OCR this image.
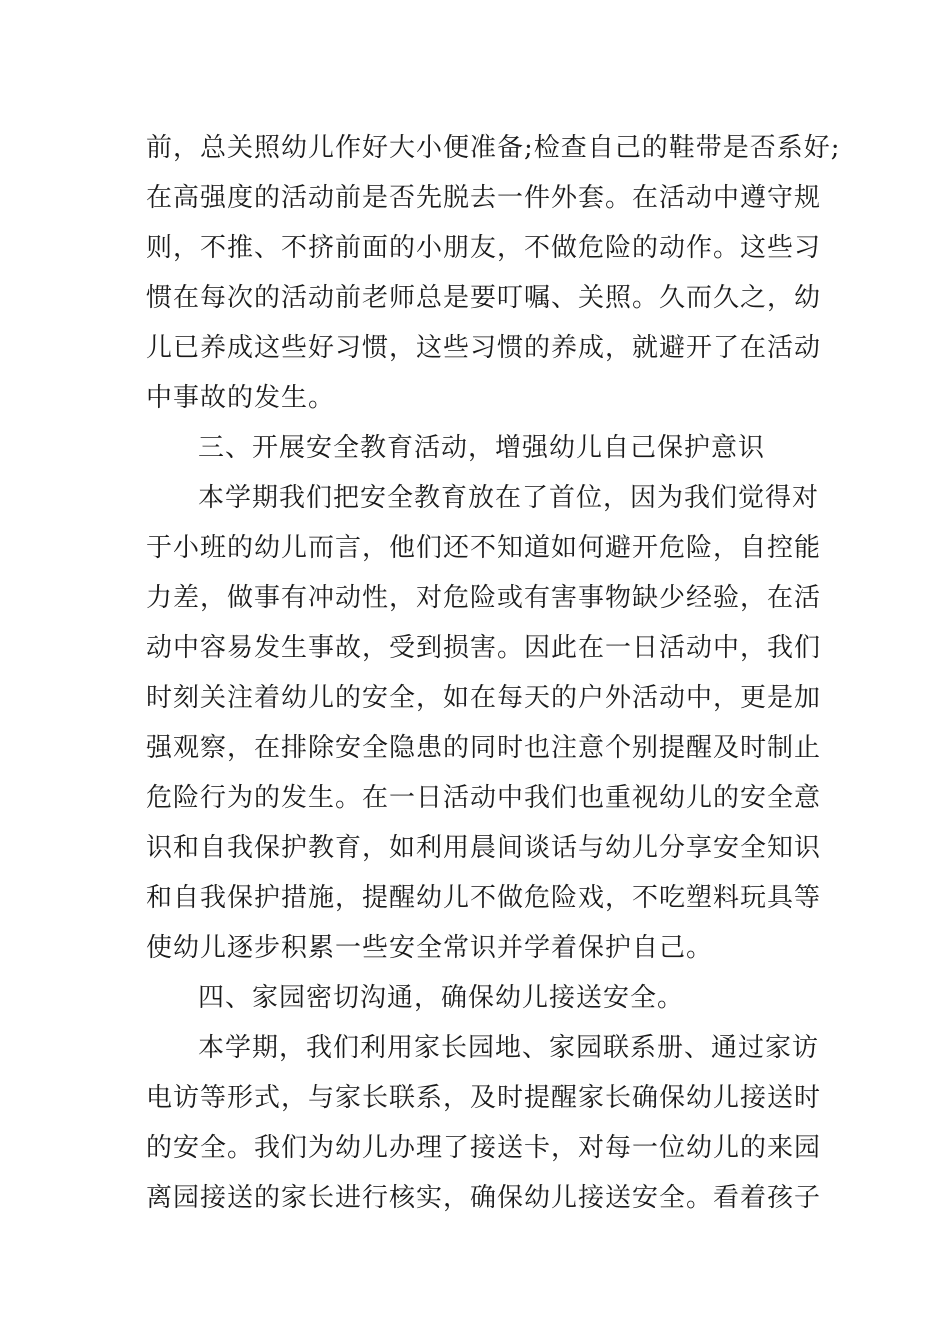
前，总关照幼儿作好大小便准备;检查自己的鞋带是否系好;
在高强度的活动前是否先脱去一件外套。在活动中遵守规
则，不推、不挤前面的小朋友，不做危险的动作。这些习
惯在每次的活动前老师总是要叮嘱、关照。久而久之，幼
儿已养成这些好习惯，这些习惯的养成，就避开了在活动
中事故的发生。
三、开展安全教育活动，增强幼儿自己保护意识
本学期我们把安全教育放在了首位，因为我们觉得对
于小班的幼儿而言，他们还不知道如何避开危险，自控能
力差，做事有冲动性，对危险或有害事物缺少经验，在活
动中容易发生事故，受到损害。因此在一日活动中，我们
时刻关注着幼儿的安全，如在每天的户外活动中，更是加
强观察，在排除安全隐患的同时也注意个别提醒及时制止
危险行为的发生。在一日活动中我们也重视幼儿的安全意
识和自我保护教育，如利用晨间谈话与幼儿分享安全知识
和自我保护措施，提醒幼儿不做危险戏，不吃塑料玩具等
使幼儿逐步积累一些安全常识并学着保护自己。
四、家园密切沟通，确保幼儿接送安全。
本学期，我们利用家长园地、家园联系册、通过家访
电访等形式，与家长联系，及时提醒家长确保幼儿接送时
的安全。我们为幼儿办理了接送卡，对每一位幼儿的来园
离园接送的家长进行核实，确保幼儿接送安全。看着孩子
